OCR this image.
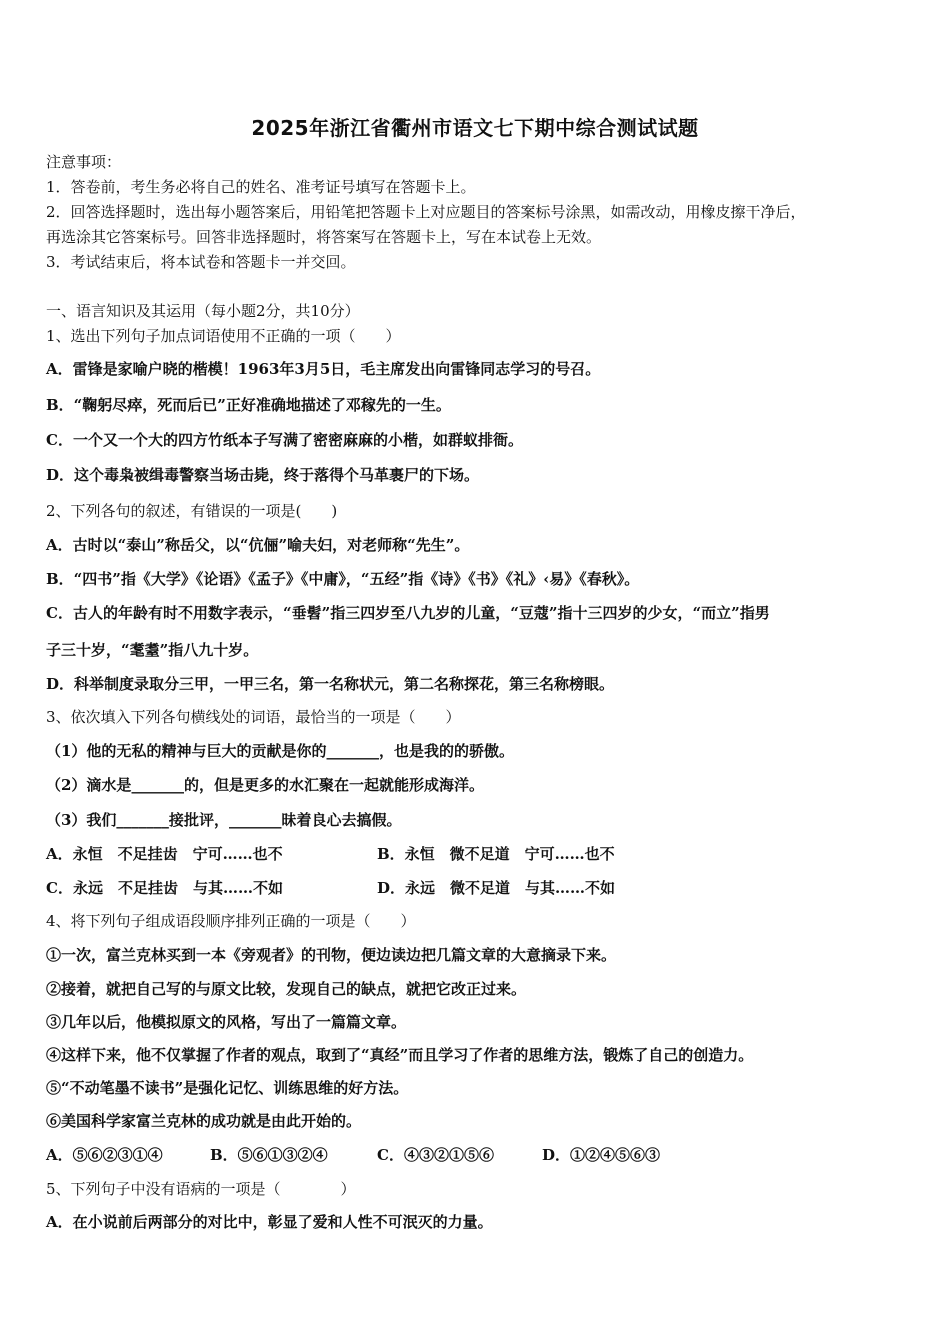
2025年浙江省衢州市语文七下期中综合测试试题
注意事项：
1．答卷前，考生务必将自己的姓名、准考证号填写在答题卡上。
2．回答选择题时，选出每小题答案后，用铅笔把答题卡上对应题目的答案标号涂黑，如需改动，用橡皮擦干净后，
再选涂其它答案标号。回答非选择题时，将答案写在答题卡上，写在本试卷上无效。
3．考试结束后，将本试卷和答题卡一并交回。
一、语言知识及其运用（每小题2分，共10分）
1、选出下列句子加点词语使用不正确的一项（　　）
A．雷锋是家喻户晓的楷模！1963年3月5日，毛主席发出向雷锋同志学习的号召。
B．“鞠躬尽瘁，死而后已”正好准确地描述了邓稼先的一生。
C．一个又一个大的四方竹纸本子写满了密密麻麻的小楷，如群蚁排衙。
D．这个毒枭被缉毒警察当场击毙，终于落得个马革裹尸的下场。
2、下列各句的叙述，有错误的一项是(　　)
A．古时以“泰山”称岳父，以“伉俪”喻夫妇，对老师称“先生”。
B．“四书”指《大学》《论语》《孟子》《中庸》，“五经”指《诗》《书》《礼》‹易》《春秋》。
C．古人的年龄有时不用数字表示，“垂髫”指三四岁至八九岁的儿童，“豆蔻”指十三四岁的少女，“而立”指男
子三十岁，“耄耋”指八九十岁。
D．科举制度录取分三甲，一甲三名，第一名称状元，第二名称探花，第三名称榜眼。
3、依次填入下列各句横线处的词语，最恰当的一项是（　　）
（1）他的无私的精神与巨大的贡献是你的_______，也是我的的骄傲。
（2）滴水是_______的，但是更多的水汇聚在一起就能形成海洋。
（3）我们_______接批评，_______昧着良心去搞假。
A．永恒　不足挂齿　宁可……也不	B．永恒　微不足道　宁可……也不
C．永远　不足挂齿　与其……不如	D．永远　微不足道　与其……不如
4、将下列句子组成语段顺序排列正确的一项是（　　）
①一次，富兰克林买到一本《旁观者》的刊物，便边读边把几篇文章的大意摘录下来。
②接着，就把自己写的与原文比较，发现自己的缺点，就把它改正过来。
③几年以后，他模拟原文的风格，写出了一篇篇文章。
④这样下来，他不仅掌握了作者的观点，取到了“真经”而且学习了作者的思维方法，锻炼了自己的创造力。
⑤“不动笔墨不读书”是强化记忆、训练思维的好方法。
⑥美国科学家富兰克林的成功就是由此开始的。
A．⑤⑥②③①④	B．⑤⑥①③②④	C．④③②①⑤⑥	D．①②④⑤⑥③
5、下列句子中没有语病的一项是（　　　　）
A．在小说前后两部分的对比中，彰显了爱和人性不可泯灭的力量。
